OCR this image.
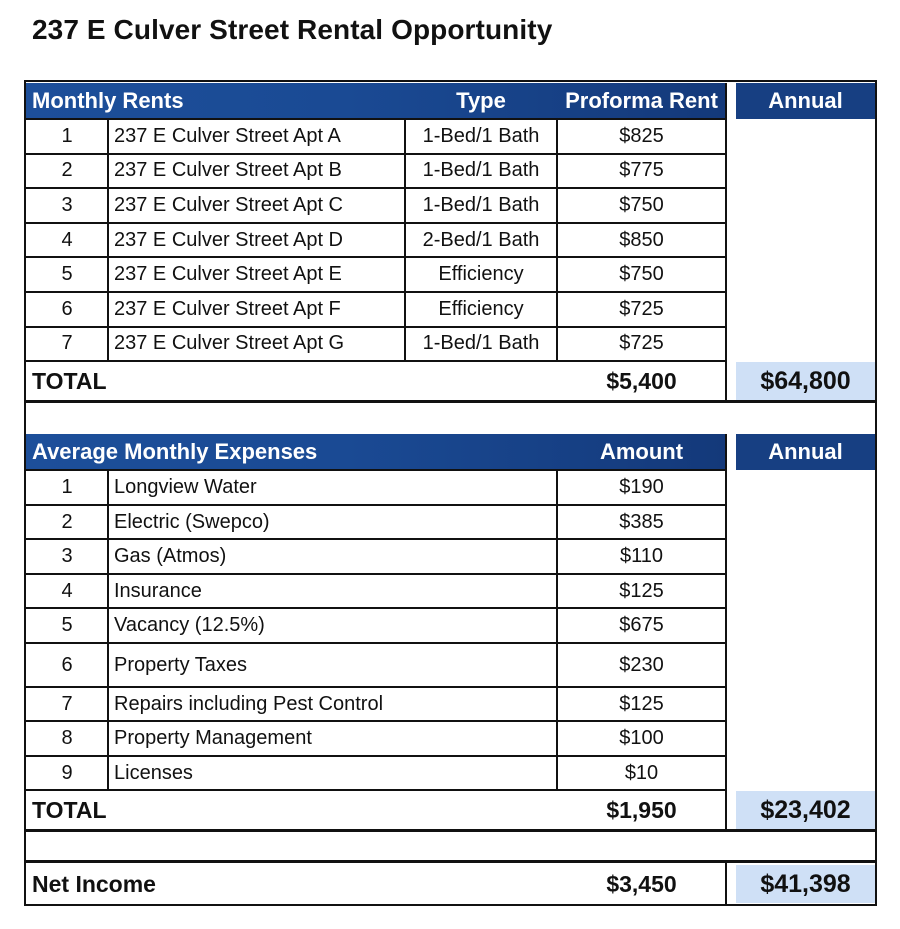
237 E Culver Street Rental Opportunity
Monthly Rents	Type	Proforma Rent	Annual
1	237 E Culver Street Apt A	1-Bed/1 Bath	$825
2	237 E Culver Street Apt B	1-Bed/1 Bath	$775
3	237 E Culver Street Apt C	1-Bed/1 Bath	$750
4	237 E Culver Street Apt D	2-Bed/1 Bath	$850
5	237 E Culver Street Apt E	Efficiency	$750
6	237 E Culver Street Apt F	Efficiency	$725
7	237 E Culver Street Apt G	1-Bed/1 Bath	$725
TOTAL	$5,400	$64,800
Average Monthly Expenses	Amount	Annual
1	Longview Water	$190
2	Electric (Swepco)	$385
3	Gas (Atmos)	$110
4	Insurance	$125
5	Vacancy (12.5%)	$675
6	Property Taxes	$230
7	Repairs including Pest Control	$125
8	Property Management	$100
9	Licenses	$10
TOTAL	$1,950	$23,402
Net Income	$3,450	$41,398
